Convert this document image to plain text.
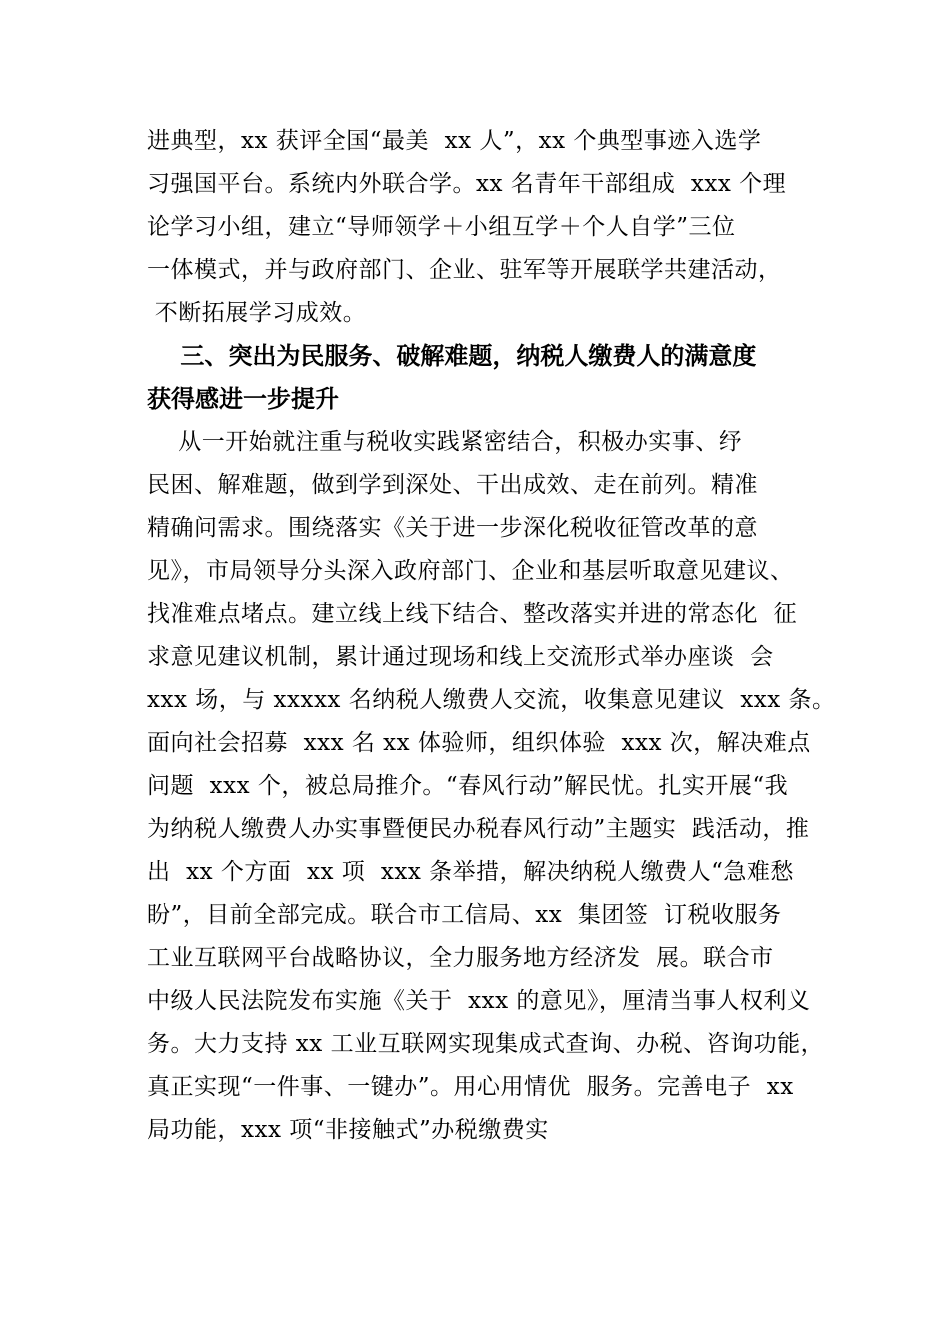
进典型，xx 获评全国“最美  xx 人”，xx 个典型事迹入选学
习强国平台。系统内外联合学。xx 名青年干部组成  xxx 个理
论学习小组，建立“导师领学＋小组互学＋个人自学”三位
一体模式，并与政府部门、企业、驻军等开展联学共建活动，
不断拓展学习成效。
三、突出为民服务、破解难题，纳税人缴费人的满意度
获得感进一步提升
从一开始就注重与税收实践紧密结合，积极办实事、纾
民困、解难题，做到学到深处、干出成效、走在前列。精准
精确问需求。围绕落实《关于进一步深化税收征管改革的意
见》，市局领导分头深入政府部门、企业和基层听取意见建议、
找准难点堵点。建立线上线下结合、整改落实并进的常态化  征
求意见建议机制，累计通过现场和线上交流形式举办座谈  会
xxx 场，与 xxxxx 名纳税人缴费人交流，收集意见建议  xxx 条。
面向社会招募  xxx 名 xx 体验师，组织体验  xxx 次，解决难点
问题  xxx 个，被总局推介。“春风行动”解民忧。扎实开展“我
为纳税人缴费人办实事暨便民办税春风行动”主题实  践活动，推
出  xx 个方面  xx 项  xxx 条举措，解决纳税人缴费人“急难愁
盼”，目前全部完成。联合市工信局、xx  集团签  订税收服务
工业互联网平台战略协议，全力服务地方经济发  展。联合市
中级人民法院发布实施《关于  xxx 的意见》，厘清当事人权利义
务。大力支持 xx 工业互联网实现集成式查询、办税、咨询功能，
真正实现“一件事、一键办”。用心用情优  服务。完善电子  xx
局功能，xxx 项“非接触式”办税缴费实
